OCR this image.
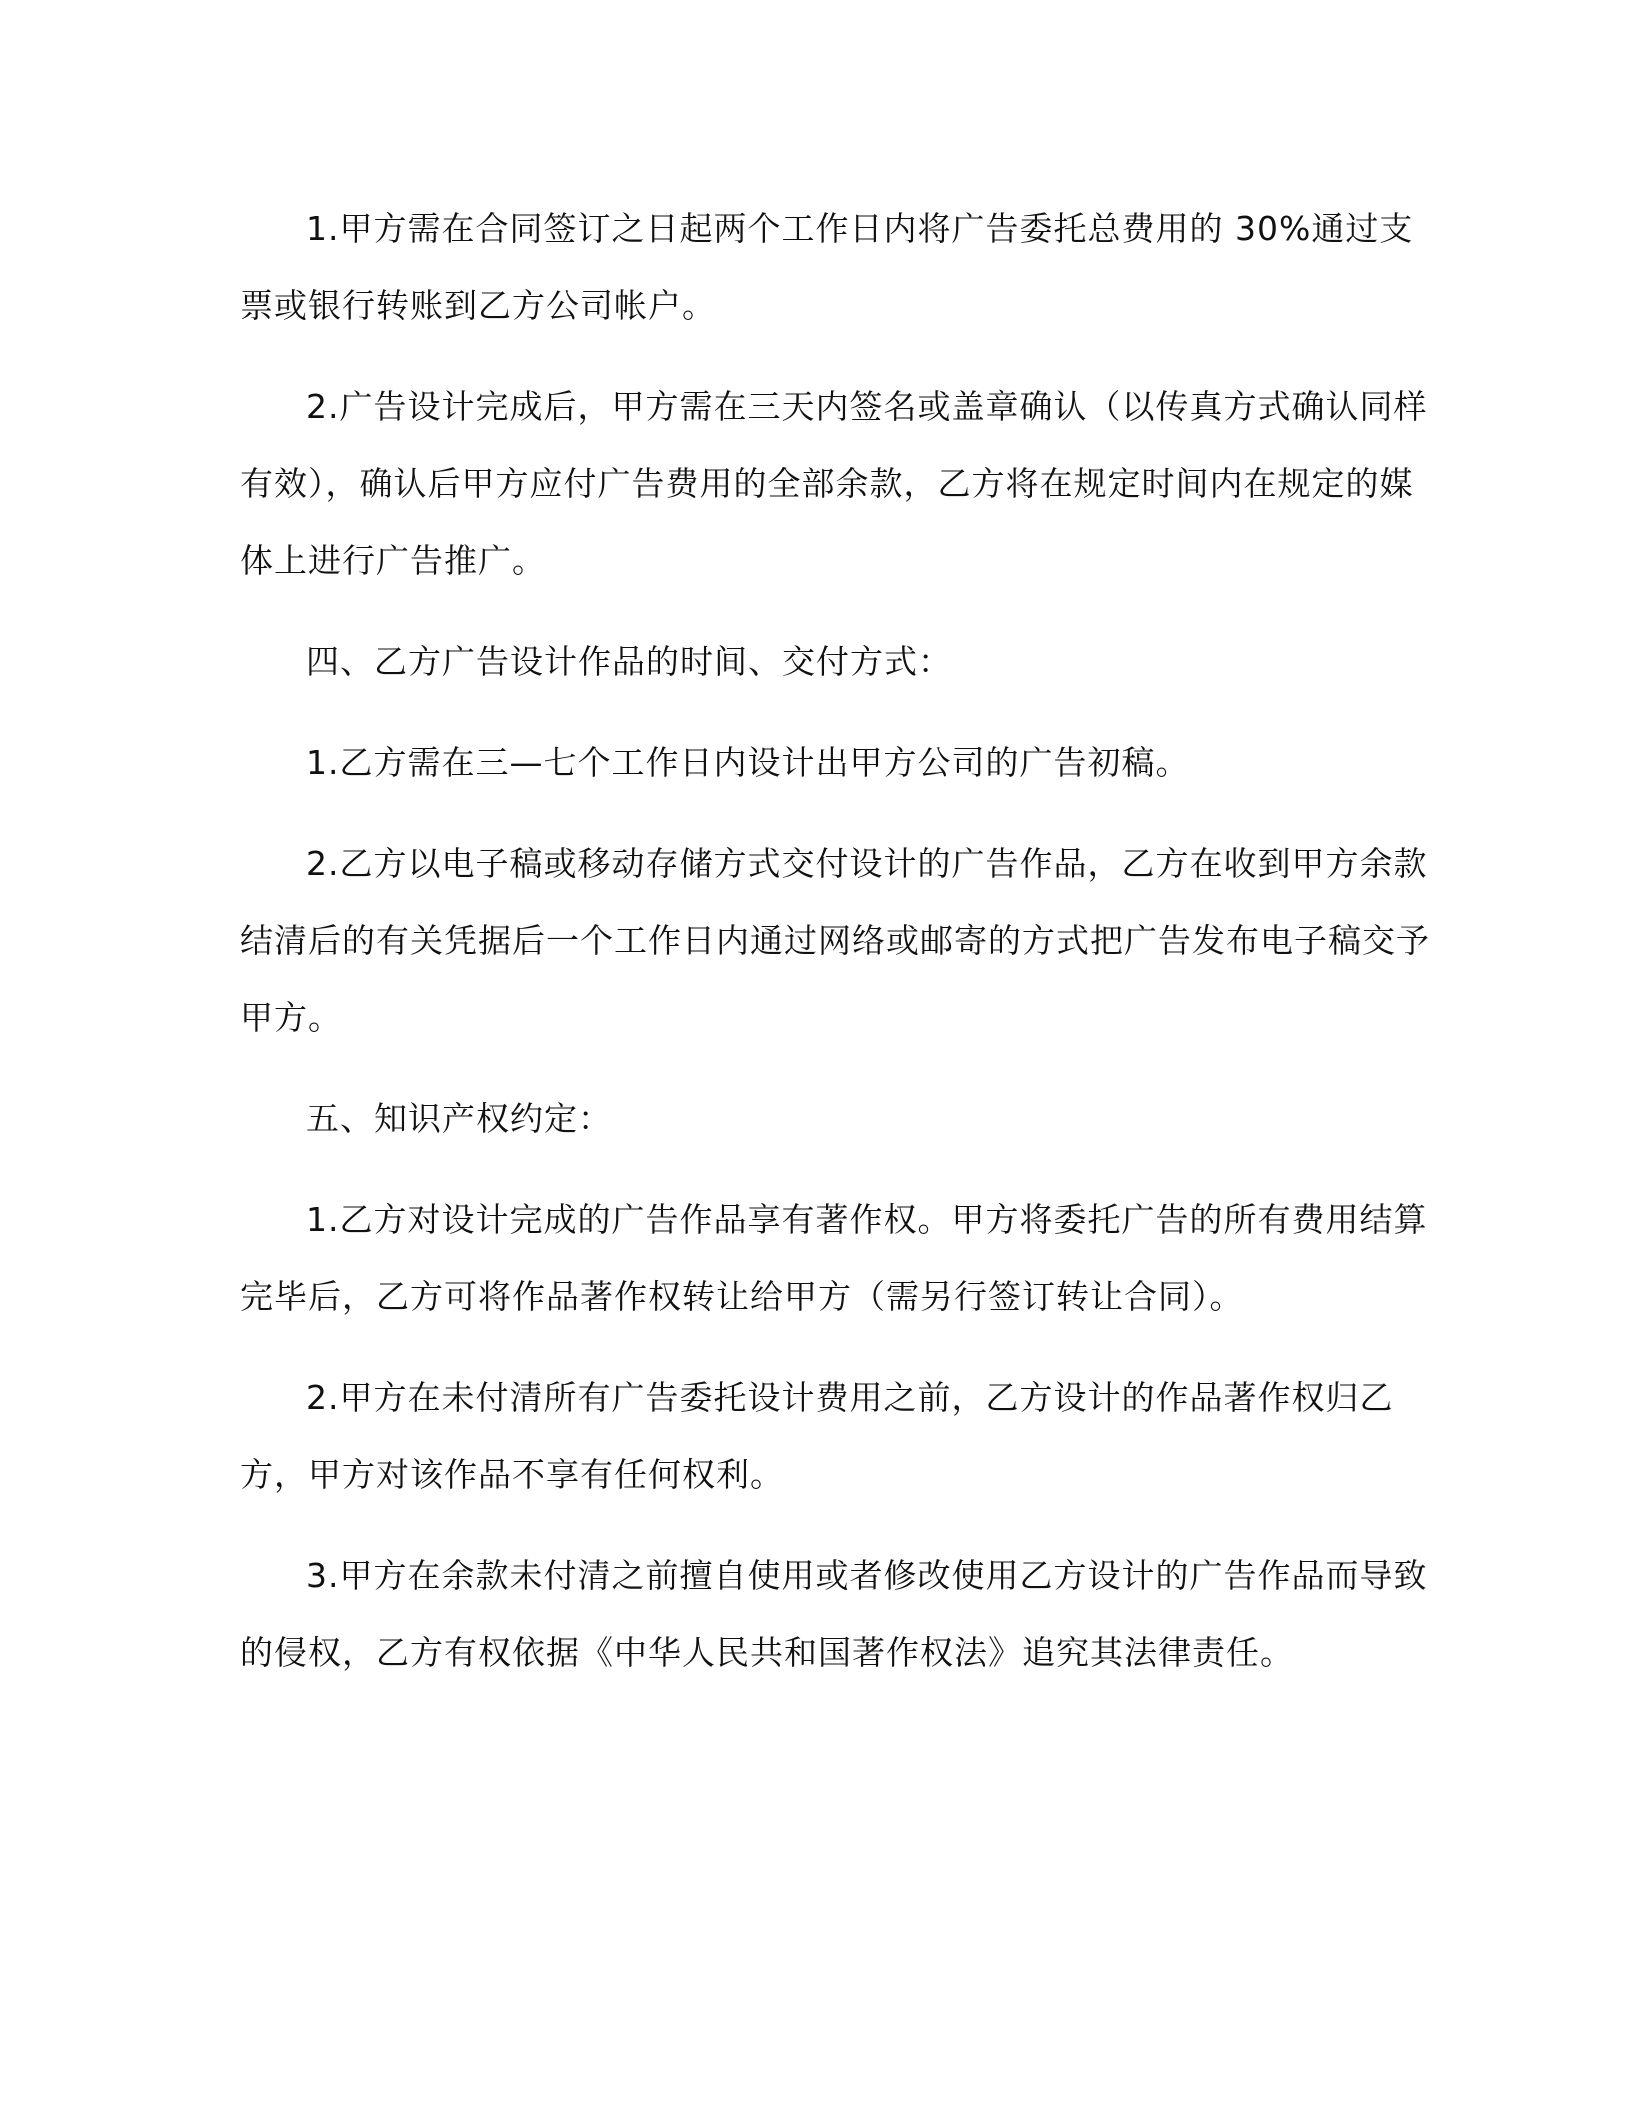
1.甲方需在合同签订之日起两个工作日内将广告委托总费用的 30%通过支票或银行转账到乙方公司帐户。

2.广告设计完成后，甲方需在三天内签名或盖章确认（以传真方式确认同样有效），确认后甲方应付广告费用的全部余款，乙方将在规定时间内在规定的媒体上进行广告推广。

四、乙方广告设计作品的时间、交付方式：

1.乙方需在三—七个工作日内设计出甲方公司的广告初稿。

2.乙方以电子稿或移动存储方式交付设计的广告作品，乙方在收到甲方余款结清后的有关凭据后一个工作日内通过网络或邮寄的方式把广告发布电子稿交予甲方。

五、知识产权约定：

1.乙方对设计完成的广告作品享有著作权。甲方将委托广告的所有费用结算完毕后，乙方可将作品著作权转让给甲方（需另行签订转让合同）。

2.甲方在未付清所有广告委托设计费用之前，乙方设计的作品著作权归乙方，甲方对该作品不享有任何权利。

3.甲方在余款未付清之前擅自使用或者修改使用乙方设计的广告作品而导致的侵权，乙方有权依据《中华人民共和国著作权法》追究其法律责任。
